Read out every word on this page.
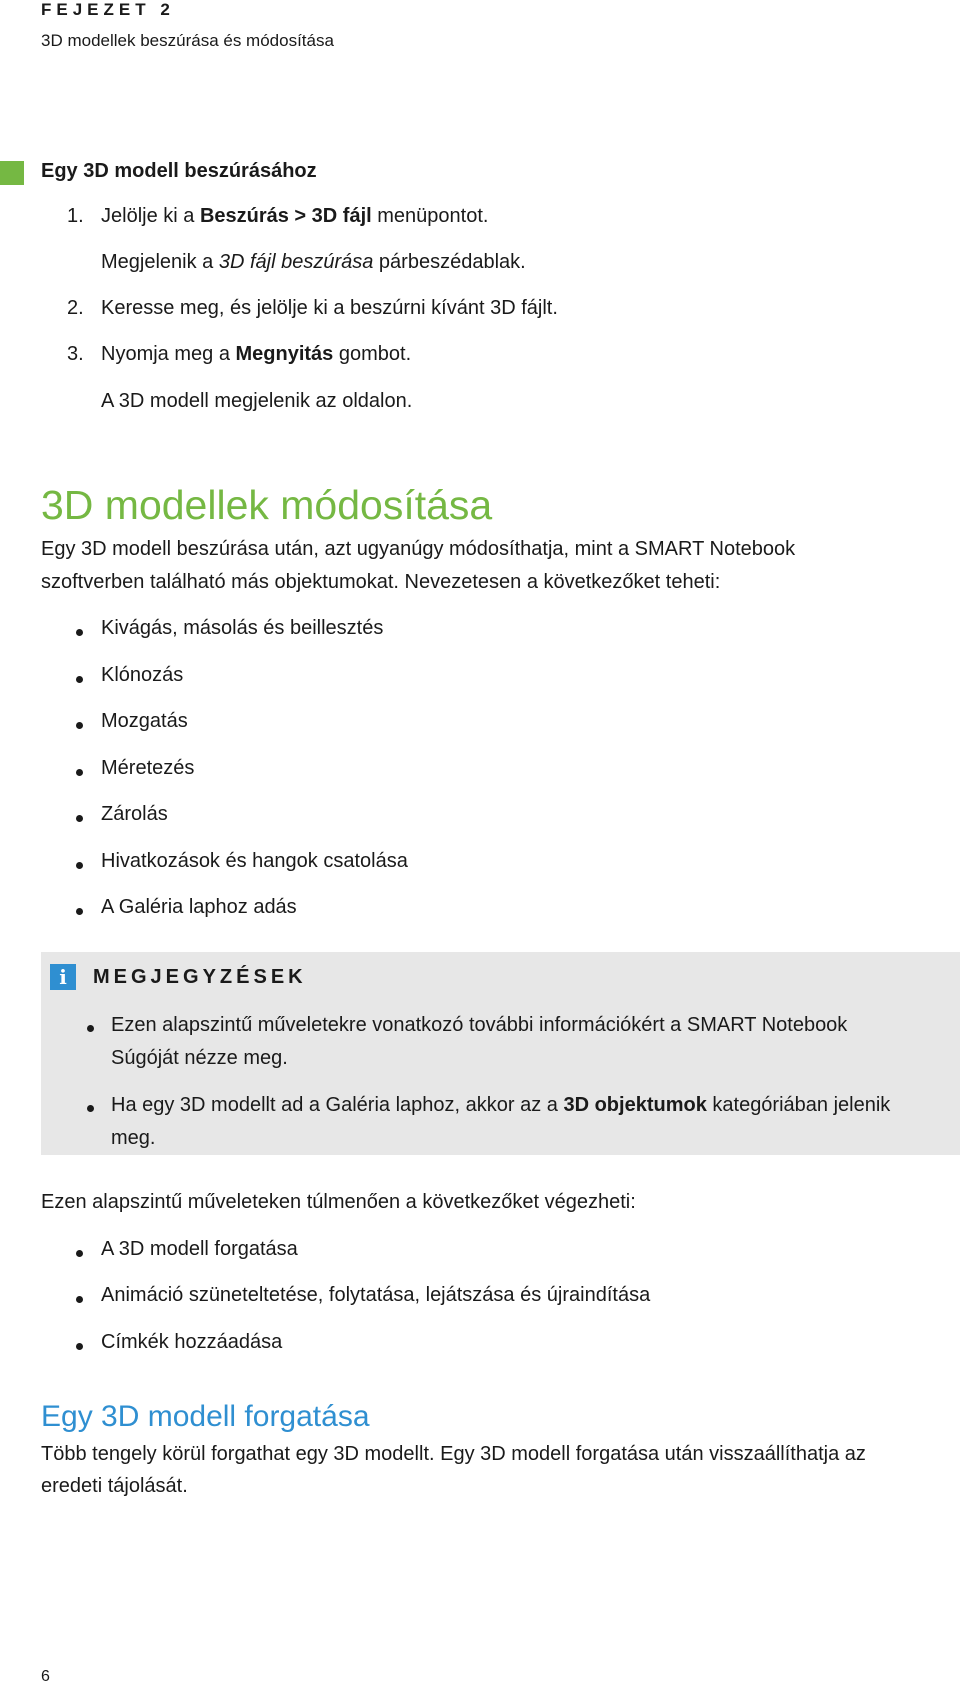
FEJEZET 2
3D modellek beszúrása és módosítása
Egy 3D modell beszúrásához
1. Jelölje ki a Beszúrás > 3D fájl menüpontot.
Megjelenik a 3D fájl beszúrása párbeszédablak.
2. Keresse meg, és jelölje ki a beszúrni kívánt 3D fájlt.
3. Nyomja meg a Megnyitás gombot.
A 3D modell megjelenik az oldalon.
3D modellek módosítása
Egy 3D modell beszúrása után, azt ugyanúgy módosíthatja, mint a SMART Notebook
szoftverben található más objektumokat. Nevezetesen a következőket teheti:
Kivágás, másolás és beillesztés
Klónozás
Mozgatás
Méretezés
Zárolás
Hivatkozások és hangok csatolása
A Galéria laphoz adás
i	MEGJEGYZÉSEK
Ezen alapszintű műveletekre vonatkozó további információkért a SMART Notebook
Súgóját nézze meg.
Ha egy 3D modellt ad a Galéria laphoz, akkor az a 3D objektumok kategóriában jelenik
meg.
Ezen alapszintű műveleteken túlmenően a következőket végezheti:
A 3D modell forgatása
Animáció szüneteltetése, folytatása, lejátszása és újraindítása
Címkék hozzáadása
Egy 3D modell forgatása
Több tengely körül forgathat egy 3D modellt. Egy 3D modell forgatása után visszaállíthatja az
eredeti tájolását.
6
